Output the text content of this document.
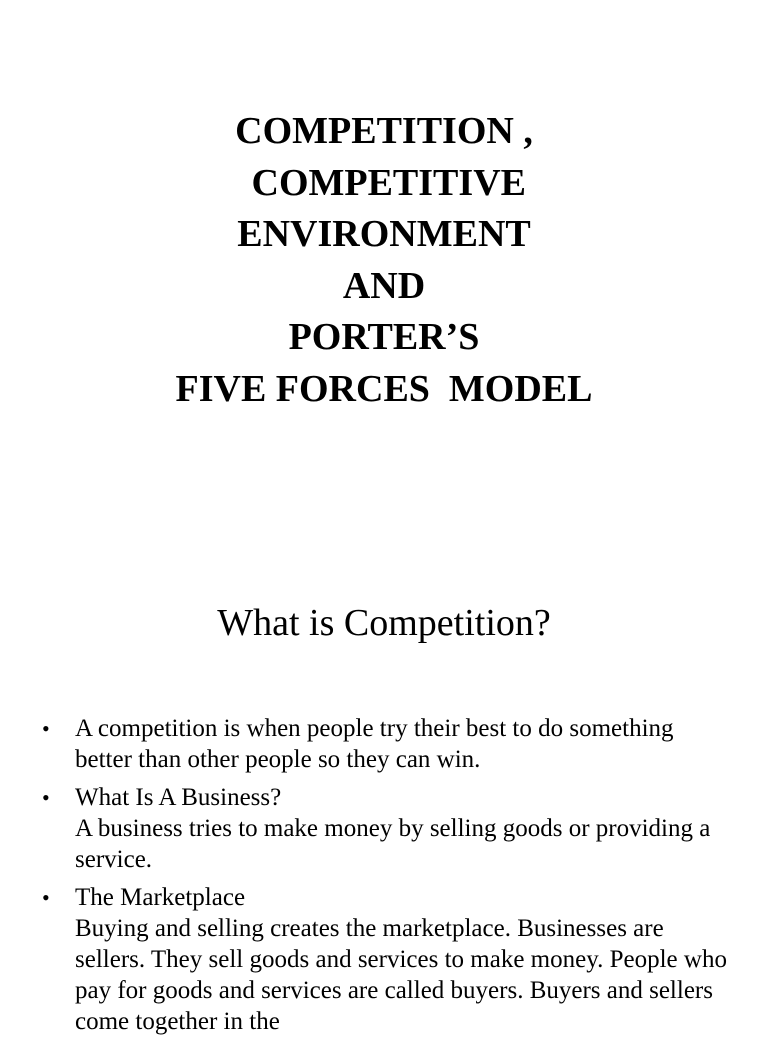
COMPETITION ,
COMPETITIVE
ENVIRONMENT
AND
PORTER’S
FIVE FORCES  MODEL
What is Competition?
• A competition is when people try their best to do something better than other people so they can win.
• What Is A Business?
A business tries to make money by selling goods or providing a service.
• The Marketplace
Buying and selling creates the marketplace. Businesses are sellers. They sell goods and services to make money. People who pay for goods and services are called buyers. Buyers and sellers come together in the
